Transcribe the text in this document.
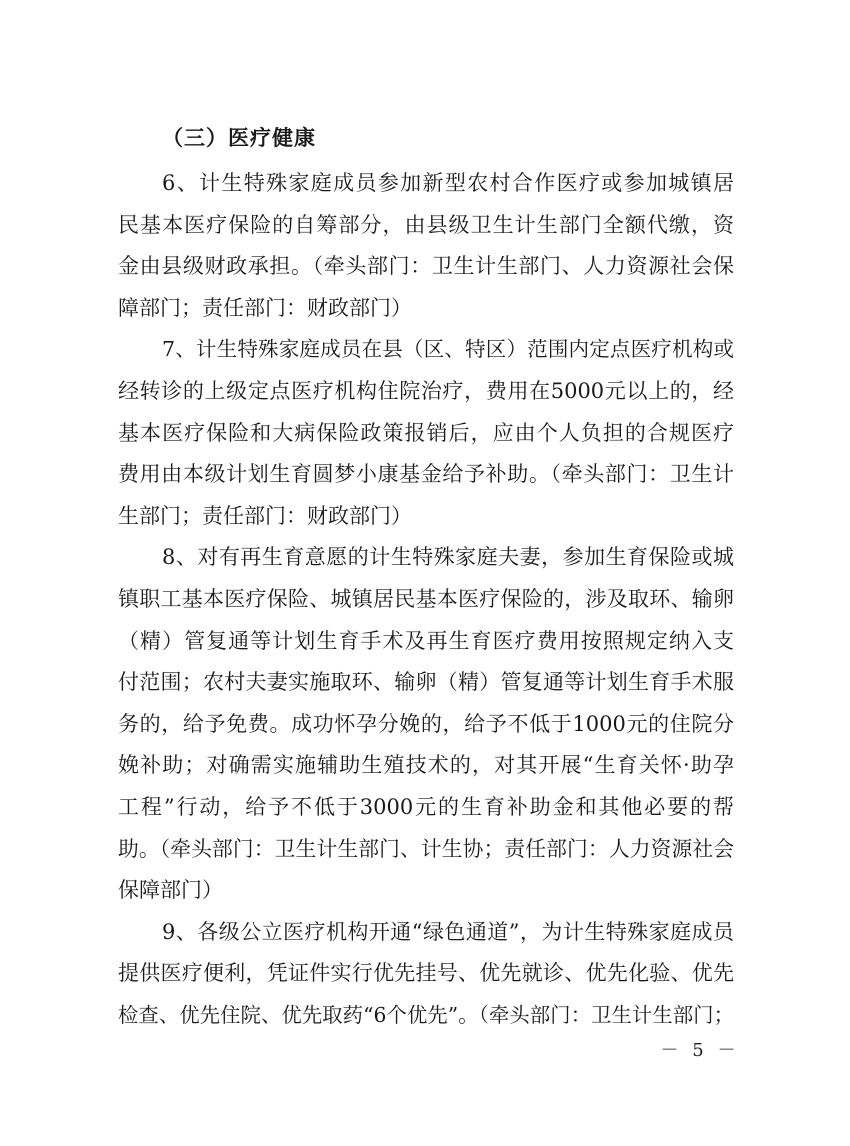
（三）医疗健康
6、计生特殊家庭成员参加新型农村合作医疗或参加城镇居
民基本医疗保险的自筹部分，由县级卫生计生部门全额代缴，资
金由县级财政承担。（牵头部门：卫生计生部门、人力资源社会保
障部门；责任部门：财政部门）
7、计生特殊家庭成员在县（区、特区）范围内定点医疗机构或
经转诊的上级定点医疗机构住院治疗，费用在5000元以上的，经
基本医疗保险和大病保险政策报销后，应由个人负担的合规医疗
费用由本级计划生育圆梦小康基金给予补助。（牵头部门：卫生计
生部门；责任部门：财政部门）
8、对有再生育意愿的计生特殊家庭夫妻，参加生育保险或城
镇职工基本医疗保险、城镇居民基本医疗保险的，涉及取环、输卵
（精）管复通等计划生育手术及再生育医疗费用按照规定纳入支
付范围；农村夫妻实施取环、输卵（精）管复通等计划生育手术服
务的，给予免费。成功怀孕分娩的，给予不低于1000元的住院分
娩补助；对确需实施辅助生殖技术的，对其开展“生育关怀·助孕
工程”行动，给予不低于3000元的生育补助金和其他必要的帮
助。（牵头部门：卫生计生部门、计生协；责任部门：人力资源社会
保障部门）
9、各级公立医疗机构开通“绿色通道”，为计生特殊家庭成员
提供医疗便利，凭证件实行优先挂号、优先就诊、优先化验、优先
检查、优先住院、优先取药“6个优先”。（牵头部门：卫生计生部门；
－ 5 －
